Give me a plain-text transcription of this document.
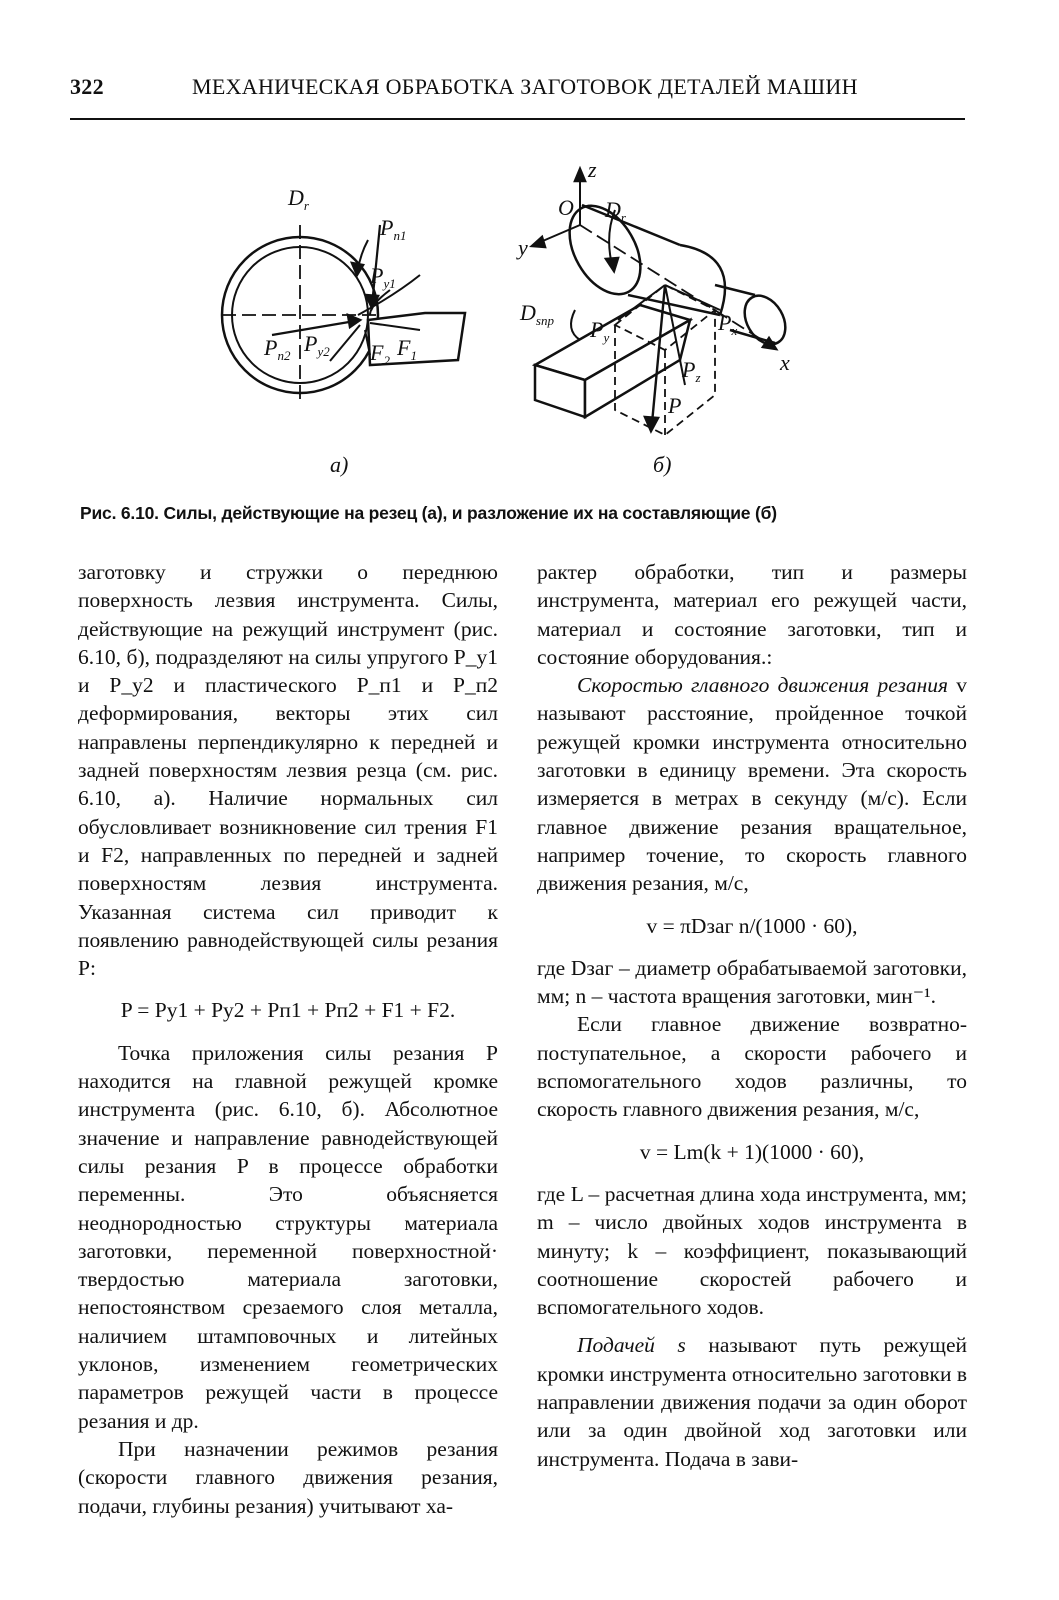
322	МЕХАНИЧЕСКАЯ ОБРАБОТКА ЗАГОТОВОК ДЕТАЛЕЙ МАШИН
$D_r$
$P_{п1}$
$P_{y1}$
$P_{п2}$ $P_{y2}$ $F_2$
$F_1$
z
O
y
x
$D_r$
$D_{sпр}$ $P_y$
$P_x$
$P_z$
P
а)	б)
Рис. 6.10. Силы, действующие на резец (а), и разложение их на составляющие (б)

заготовку и стружки о переднюю поверхность лезвия инструмента. Силы, действующие на режущий инструмент (рис. 6.10, б), подразделяют на силы упругого P_y1 и P_y2 и пластического P_п1 и P_п2 деформирования, векторы этих сил направлены перпендикулярно к передней и задней поверхностям лезвия резца (см. рис. 6.10, а). Наличие нормальных сил обусловливает возникновение сил трения F1 и F2, направленных по передней и задней поверхностям лезвия инструмента. Указанная система сил приводит к появлению равнодействующей силы резания P:

P = Py1 + Py2 + Pп1 + Pп2 + F1 + F2.

Точка приложения силы резания P находится на главной режущей кромке инструмента (рис. 6.10, б). Абсолютное значение и направление равнодействующей силы резания P в процессе обработки переменны. Это объясняется неоднородностью структуры материала заготовки, переменной поверхностной· твердостью материала заготовки, непостоянством срезаемого слоя металла, наличием штамповочных и литейных уклонов, изменением геометрических параметров режущей части в процессе резания и др.

При назначении режимов резания (скорости главного движения резания, подачи, глубины резания) учитывают ха-

рактер обработки, тип и размеры инструмента, материал его режущей части, материал и состояние заготовки, тип и состояние оборудования.:

Скоростью главного движения резания v называют расстояние, пройденное точкой режущей кромки инструмента относительно заготовки в единицу времени. Эта скорость измеряется в метрах в секунду (м/с). Если главное движение резания вращательное, например точение, то скорость главного движения резания, м/с,

v = πDзаг n/(1000 · 60),

где Dзаг – диаметр обрабатываемой заготовки, мм; n – частота вращения заготовки, мин⁻¹.

Если главное движение возвратно-поступательное, а скорости рабочего и вспомогательного ходов различны, то скорость главного движения резания, м/с,

v = Lm(k + 1)(1000 · 60),

где L – расчетная длина хода инструмента, мм; m – число двойных ходов инструмента в минуту; k – коэффициент, показывающий соотношение скоростей рабочего и вспомогательного ходов.

Подачей s называют путь режущей кромки инструмента относительно заготовки в направлении движения подачи за один оборот или за один двойной ход заготовки или инструмента. Подача в зави-
